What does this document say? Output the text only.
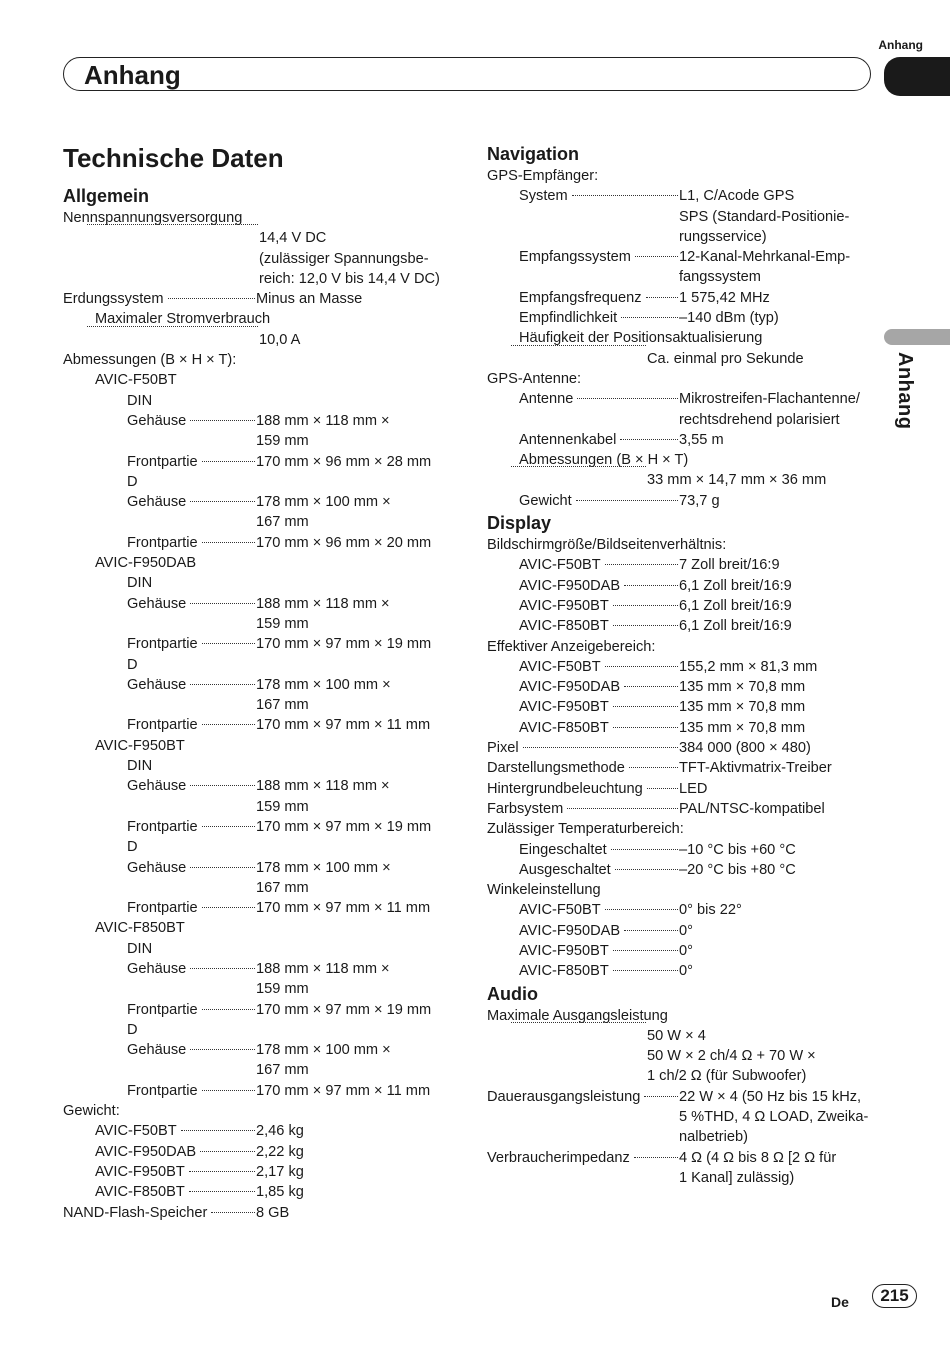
Anhang
Anhang
Anhang
Technische Daten
Allgemein
Nennspannungsversorgung
14,4 V DC
(zulässiger Spannungsbe-
reich: 12,0 V bis 14,4 V DC)
Erdungssystem	Minus an Masse
Maximaler Stromverbrauch
10,0 A
Abmessungen (B × H × T):
AVIC-F50BT
DIN
Gehäuse	188 mm × 118 mm ×
159 mm
Frontpartie	170 mm × 96 mm × 28 mm
D
Gehäuse	178 mm × 100 mm ×
167 mm
Frontpartie	170 mm × 96 mm × 20 mm
AVIC-F950DAB
DIN
Gehäuse	188 mm × 118 mm ×
159 mm
Frontpartie	170 mm × 97 mm × 19 mm
D
Gehäuse	178 mm × 100 mm ×
167 mm
Frontpartie	170 mm × 97 mm × 11 mm
AVIC-F950BT
DIN
Gehäuse	188 mm × 118 mm ×
159 mm
Frontpartie	170 mm × 97 mm × 19 mm
D
Gehäuse	178 mm × 100 mm ×
167 mm
Frontpartie	170 mm × 97 mm × 11 mm
AVIC-F850BT
DIN
Gehäuse	188 mm × 118 mm ×
159 mm
Frontpartie	170 mm × 97 mm × 19 mm
D
Gehäuse	178 mm × 100 mm ×
167 mm
Frontpartie	170 mm × 97 mm × 11 mm
Gewicht:
AVIC-F50BT	2,46 kg
AVIC-F950DAB	2,22 kg
AVIC-F950BT	2,17 kg
AVIC-F850BT	1,85 kg
NAND-Flash-Speicher	8 GB
Navigation
GPS-Empfänger:
System	L1, C/Acode GPS
SPS (Standard-Positionie-
rungsservice)
Empfangssystem	12-Kanal-Mehrkanal-Emp-
fangssystem
Empfangsfrequenz	1 575,42 MHz
Empfindlichkeit	–140 dBm (typ)
Häufigkeit der Positionsaktualisierung
Ca. einmal pro Sekunde
GPS-Antenne:
Antenne	Mikrostreifen-Flachantenne/
rechtsdrehend polarisiert
Antennenkabel	3,55 m
Abmessungen (B × H × T)
33 mm × 14,7 mm × 36 mm
Gewicht	73,7 g
Display
Bildschirmgröße/Bildseitenverhältnis:
AVIC-F50BT	7 Zoll breit/16:9
AVIC-F950DAB	6,1 Zoll breit/16:9
AVIC-F950BT	6,1 Zoll breit/16:9
AVIC-F850BT	6,1 Zoll breit/16:9
Effektiver Anzeigebereich:
AVIC-F50BT	155,2 mm × 81,3 mm
AVIC-F950DAB	135 mm × 70,8 mm
AVIC-F950BT	135 mm × 70,8 mm
AVIC-F850BT	135 mm × 70,8 mm
Pixel	384 000 (800 × 480)
Darstellungsmethode	TFT-Aktivmatrix-Treiber
Hintergrundbeleuchtung LED
Farbsystem	PAL/NTSC-kompatibel
Zulässiger Temperaturbereich:
Eingeschaltet	–10 °C bis +60 °C
Ausgeschaltet	–20 °C bis +80 °C
Winkeleinstellung
AVIC-F50BT	0° bis 22°
AVIC-F950DAB	0°
AVIC-F950BT	0°
AVIC-F850BT	0°
Audio
Maximale Ausgangsleistung
50 W × 4
50 W × 2 ch/4 Ω + 70 W ×
1 ch/2 Ω (für Subwoofer)
Dauerausgangsleistung	22 W × 4 (50 Hz bis 15 kHz,
5 %THD, 4 Ω LOAD, Zweika-
nalbetrieb)
Verbraucherimpedanz	4 Ω (4 Ω bis 8 Ω [2 Ω für
1 Kanal] zulässig)
De	215
